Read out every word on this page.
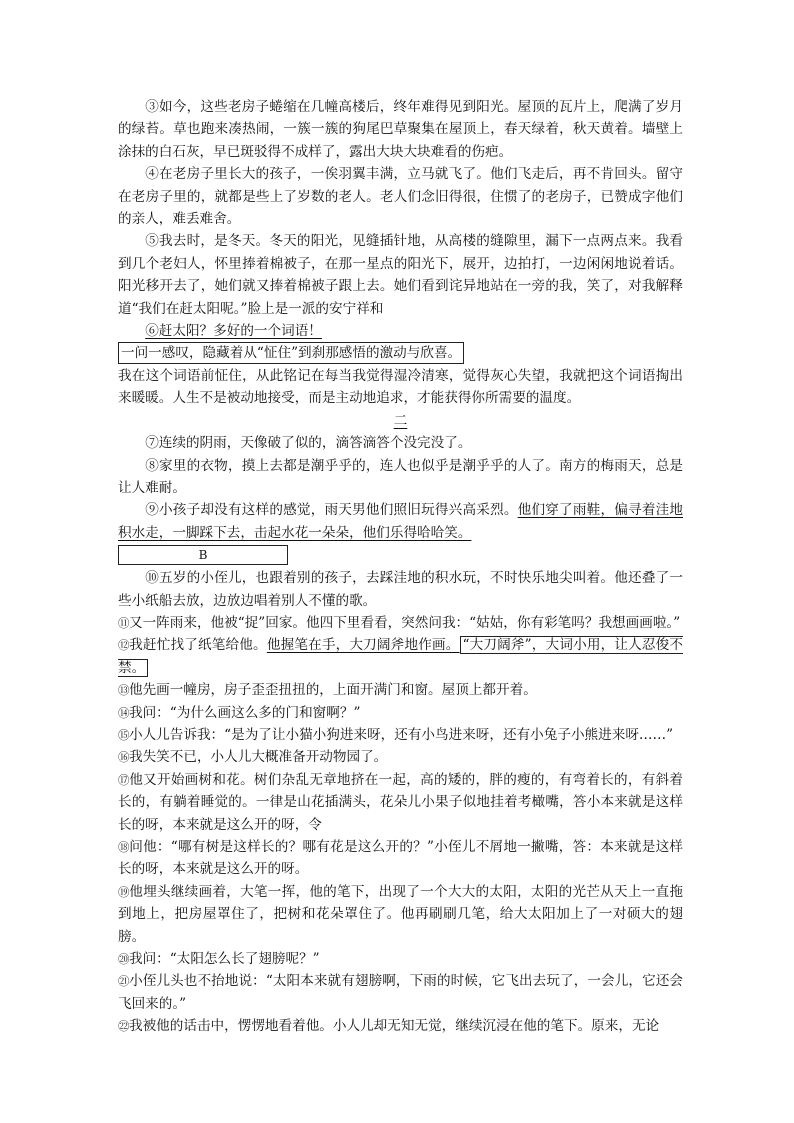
③如今，这些老房子蜷缩在几幢高楼后，终年难得见到阳光。屋顶的瓦片上，爬满了岁月的绿苔。草也跑来凑热闹，一簇一簇的狗尾巴草聚集在屋顶上，春天绿着，秋天黄着。墙壁上涂抹的白石灰，早已斑驳得不成样了，露出大块大块难看的伤疤。

④在老房子里长大的孩子，一俟羽翼丰满，立马就飞了。他们飞走后，再不肯回头。留守在老房子里的，就都是些上了岁数的老人。老人们念旧得很，住惯了的老房子，已赞成字他们的亲人，难丢难舍。

⑤我去时，是冬天。冬天的阳光，见缝插针地，从高楼的缝隙里，漏下一点两点来。我看到几个老妇人，怀里捧着棉被子，在那一星点的阳光下，展开，边拍打，一边闲闲地说着话。阳光移开去了，她们就又捧着棉被子跟上去。她们看到诧异地站在一旁的我，笑了，对我解释道“我们在赶太阳呢。”脸上是一派的安宁祥和

⑥赶太阳？多好的一个词语！

一问一感叹，隐藏着从“怔住”到刹那感悟的激动与欣喜。

我在这个词语前怔住，从此铭记在每当我觉得湿冷清寒，觉得灰心失望，我就把这个词语掏出来暖暖。人生不是被动地接受，而是主动地追求，才能获得你所需要的温度。

二

⑦连续的阴雨，天像破了似的，滴答滴答个没完没了。

⑧家里的衣物，摸上去都是潮乎乎的，连人也似乎是潮乎乎的人了。南方的梅雨天，总是让人难耐。

⑨小孩子却没有这样的感觉，雨天男他们照旧玩得兴高采烈。他们穿了雨鞋，偏寻着洼地积水走，一脚踩下去，击起水花一朵朵，他们乐得哈哈笑。

B

⑩五岁的小侄儿，也跟着别的孩子，去踩洼地的积水玩，不时快乐地尖叫着。他还叠了一些小纸船去放，边放边唱着别人不懂的歌。

⑪又一阵雨来，他被“捉”回家。他四下里看看，突然问我：“姑姑，你有彩笔吗？我想画画啦。”

⑫我赶忙找了纸笔给他。他握笔在手，大刀阔斧地作画。 “大刀阔斧”，大词小用，让人忍俊不禁。

⑬他先画一幢房，房子歪歪扭扭的，上面开满门和窗。屋顶上都开着。

⑭我问：“为什么画这么多的门和窗啊？”

⑮小人儿告诉我：“是为了让小猫小狗进来呀，还有小鸟进来呀，还有小兔子小熊进来呀……”

⑯我失笑不已，小人儿大概准备开动物园了。

⑰他又开始画树和花。树们杂乱无章地挤在一起，高的矮的，胖的瘦的，有弯着长的，有斜着长的，有躺着睡觉的。一律是山花插满头，花朵儿小果子似地挂着考橄嘴，答小本来就是这样长的呀，本来就是这么开的呀，令

⑱问他：“哪有树是这样长的？哪有花是这么开的？”小侄儿不屑地一撇嘴，答：本来就是这样长的呀，本来就是这么开的呀。

⑲他埋头继续画着，大笔一挥，他的笔下，出现了一个大大的太阳，太阳的光芒从天上一直拖到地上，把房屋罩住了，把树和花朵罩住了。他再刷刷几笔，给大太阳加上了一对硕大的翅膀。

⑳我问：“太阳怎么长了翅膀呢？”

㉑小侄儿头也不抬地说：“太阳本来就有翅膀啊，下雨的时候，它飞出去玩了，一会儿，它还会飞回来的。”

㉒我被他的话击中，愣愣地看着他。小人儿却无知无觉，继续沉浸在他的笔下。原来，无论
